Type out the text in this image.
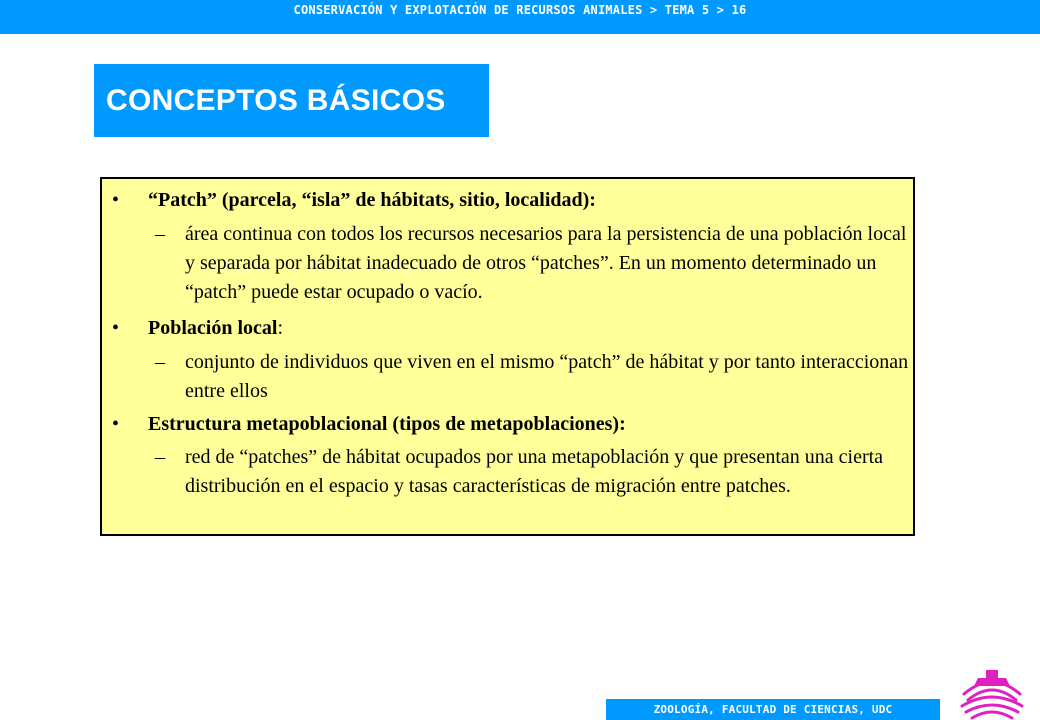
CONSERVACIÓN Y EXPLOTACIÓN DE RECURSOS ANIMALES > TEMA 5 > 16
CONCEPTOS BÁSICOS
•	“Patch” (parcela, “isla” de hábitats, sitio, localidad):
–	área continua con todos los recursos necesarios para la persistencia de una población local y separada por hábitat inadecuado de otros “patches”. En un momento determinado un “patch” puede estar ocupado o vacío.
•	Población local :
–	conjunto de individuos que viven en el mismo “patch” de hábitat y por tanto interaccionan entre ellos
•	Estructura metapoblacional (tipos de metapoblaciones):
–	red de “patches” de hábitat ocupados por una metapoblación y que presentan una cierta distribución en el espacio y tasas características de migración entre patches.
ZOOLOGÍA, FACULTAD DE CIENCIAS, UDC
